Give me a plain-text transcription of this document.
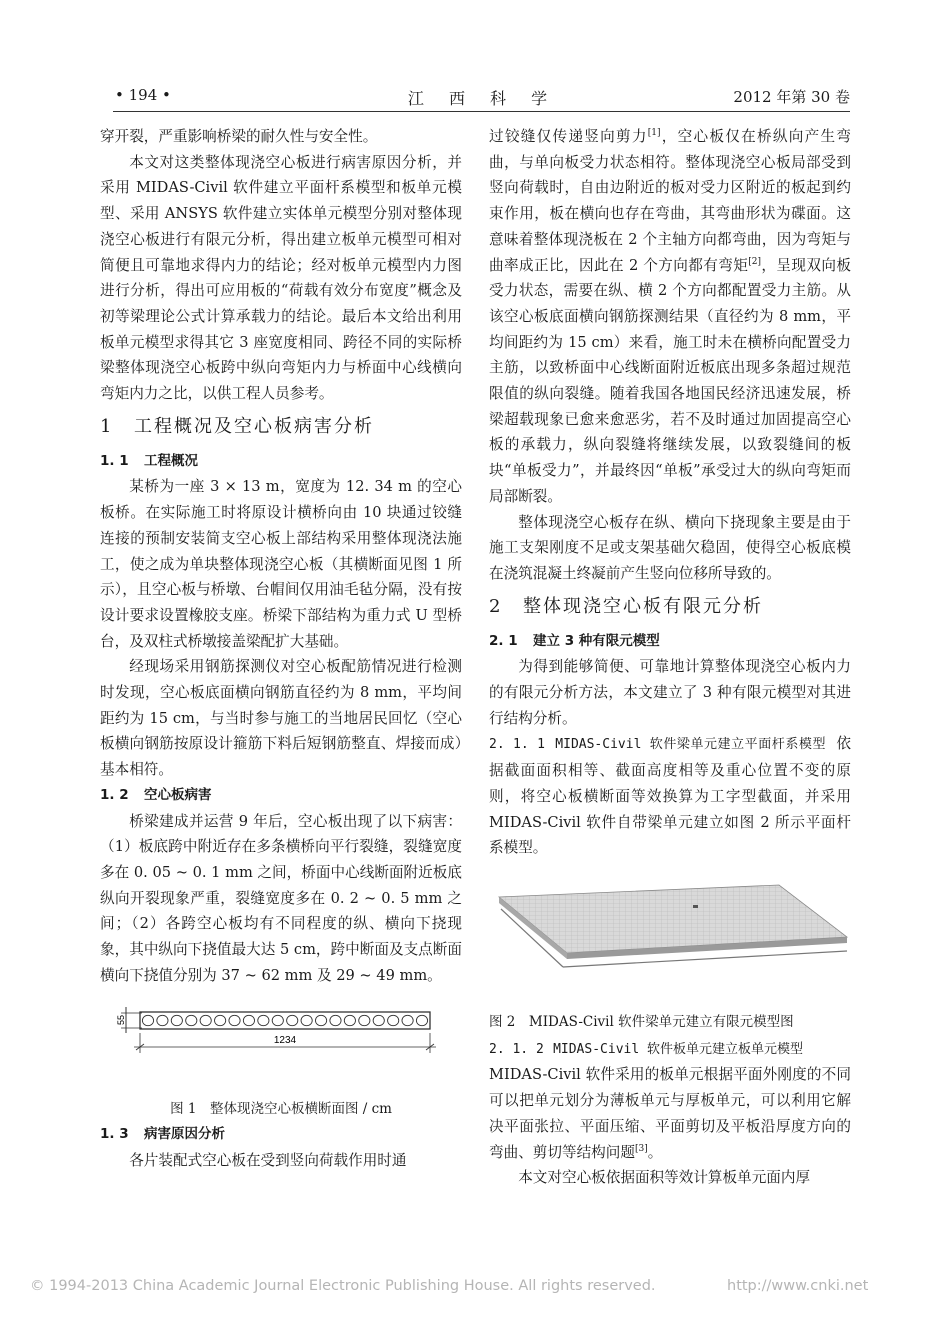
• 194 •	江 西 科 学	2012 年第 30 卷

穿开裂，严重影响桥梁的耐久性与安全性。

本文对这类整体现浇空心板进行病害原因分析，并采用 MIDAS-Civil 软件建立平面杆系模型和板单元模型、采用 ANSYS 软件建立实体单元模型分别对整体现浇空心板进行有限元分析，得出建立板单元模型可相对简便且可靠地求得内力的结论；经对板单元模型内力图进行分析，得出可应用板的“荷载有效分布宽度”概念及初等梁理论公式计算承载力的结论。最后本文给出利用板单元模型求得其它 3 座宽度相同、跨径不同的实际桥梁整体现浇空心板跨中纵向弯矩内力与桥面中心线横向弯矩内力之比，以供工程人员参考。

1 工程概况及空心板病害分析
1. 1 工程概况

某桥为一座 3 × 13 m，宽度为 12. 34 m 的空心板桥。在实际施工时将原设计横桥向由 10 块通过铰缝连接的预制安装简支空心板上部结构采用整体现浇法施工，使之成为单块整体现浇空心板（其横断面见图 1 所示），且空心板与桥墩、台帽间仅用油毛毡分隔，没有按设计要求设置橡胶支座。桥梁下部结构为重力式 U 型桥台，及双柱式桥墩接盖梁配扩大基础。

经现场采用钢筋探测仪对空心板配筋情况进行检测时发现，空心板底面横向钢筋直径约为 8 mm，平均间距约为 15 cm，与当时参与施工的当地居民回忆（空心板横向钢筋按原设计箍筋下料后短钢筋整直、焊接而成）基本相符。

1. 2 空心板病害

桥梁建成并运营 9 年后，空心板出现了以下病害：（1）板底跨中附近存在多条横桥向平行裂缝，裂缝宽度多在 0. 05 ~ 0. 1 mm 之间，桥面中心线断面附近板底纵向开裂现象严重，裂缝宽度多在 0. 2 ~ 0. 5 mm 之间；（2）各跨空心板均有不同程度的纵、横向下挠现象，其中纵向下挠值最大达 5 cm，跨中断面及支点断面横向下挠值分别为 37 ~ 62 mm 及 29 ~ 49 mm。

55
1234

图 1　整体现浇空心板横断面图 / cm

1. 3 病害原因分析

各片装配式空心板在受到竖向荷载作用时通

过铰缝仅传递竖向剪力[1]，空心板仅在桥纵向产生弯曲，与单向板受力状态相符。整体现浇空心板局部受到竖向荷载时，自由边附近的板对受力区附近的板起到约束作用，板在横向也存在弯曲，其弯曲形状为碟面。这意味着整体现浇板在 2 个主轴方向都弯曲，因为弯矩与曲率成正比，因此在 2 个方向都有弯矩[2]，呈现双向板受力状态，需要在纵、横 2 个方向都配置受力主筋。从该空心板底面横向钢筋探测结果（直径约为 8 mm，平均间距约为 15 cm）来看，施工时未在横桥向配置受力主筋，以致桥面中心线断面附近板底出现多条超过规范限值的纵向裂缝。随着我国各地国民经济迅速发展，桥梁超载现象已愈来愈恶劣，若不及时通过加固提高空心板的承载力，纵向裂缝将继续发展，以致裂缝间的板块“单板受力”，并最终因“单板”承受过大的纵向弯矩而局部断裂。

整体现浇空心板存在纵、横向下挠现象主要是由于施工支架刚度不足或支架基础欠稳固，使得空心板底模在浇筑混凝土终凝前产生竖向位移所导致的。

2 整体现浇空心板有限元分析
2. 1 建立 3 种有限元模型

为得到能够简便、可靠地计算整体现浇空心板内力的有限元分析方法，本文建立了 3 种有限元模型对其进行结构分析。

2. 1. 1 MIDAS-Civil 软件梁单元建立平面杆系模型 依据截面面积相等、截面高度相等及重心位置不变的原则，将空心板横断面等效换算为工字型截面，并采用 MIDAS-Civil 软件自带梁单元建立如图 2 所示平面杆系模型。

图 2　MIDAS-Civil 软件梁单元建立有限元模型图

2. 1. 2 MIDAS-Civil 软件板单元建立板单元模型

MIDAS-Civil 软件采用的板单元根据平面外刚度的不同可以把单元划分为薄板单元与厚板单元，可以利用它解决平面张拉、平面压缩、平面剪切及平板沿厚度方向的弯曲、剪切等结构问题[3]。

本文对空心板依据面积等效计算板单元面内厚

© 1994-2013 China Academic Journal Electronic Publishing House. All rights reserved.	http://www.cnki.net
